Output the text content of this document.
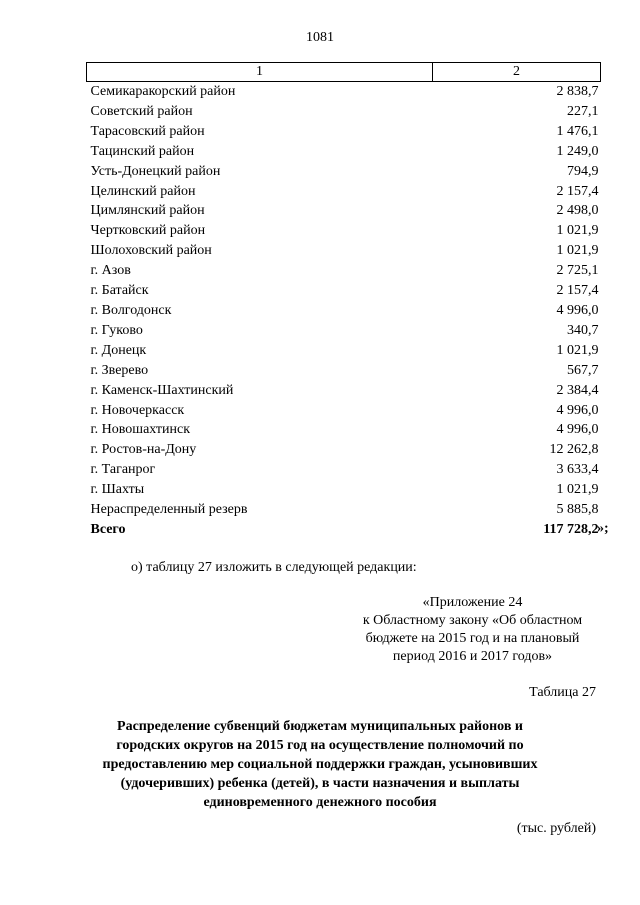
1081
1	2
Семикаракорский район	2 838,7
Советский район	227,1
Тарасовский район	1 476,1
Тацинский район	1 249,0
Усть-Донецкий район	794,9
Целинский район	2 157,4
Цимлянский район	2 498,0
Чертковский район	1 021,9
Шолоховский район	1 021,9
г. Азов	2 725,1
г. Батайск	2 157,4
г. Волгодонск	4 996,0
г. Гуково	340,7
г. Донецк	1 021,9
г. Зверево	567,7
г. Каменск-Шахтинский	2 384,4
г. Новочеркасск	4 996,0
г. Новошахтинск	4 996,0
г. Ростов-на-Дону	12 262,8
г. Таганрог	3 633,4
г. Шахты	1 021,9
Нераспределенный резерв	5 885,8
Всего	117 728,2
»;
о) таблицу 27 изложить в следующей редакции:
«Приложение 24
к Областному закону «Об областном
бюджете на 2015 год и на плановый
период 2016 и 2017 годов»
Таблица 27
Распределение субвенций бюджетам муниципальных районов и
городских округов на 2015 год на осуществление полномочий по
предоставлению мер социальной поддержки граждан, усыновивших
(удочеривших) ребенка (детей), в части назначения и выплаты
единовременного денежного пособия
(тыс. рублей)
